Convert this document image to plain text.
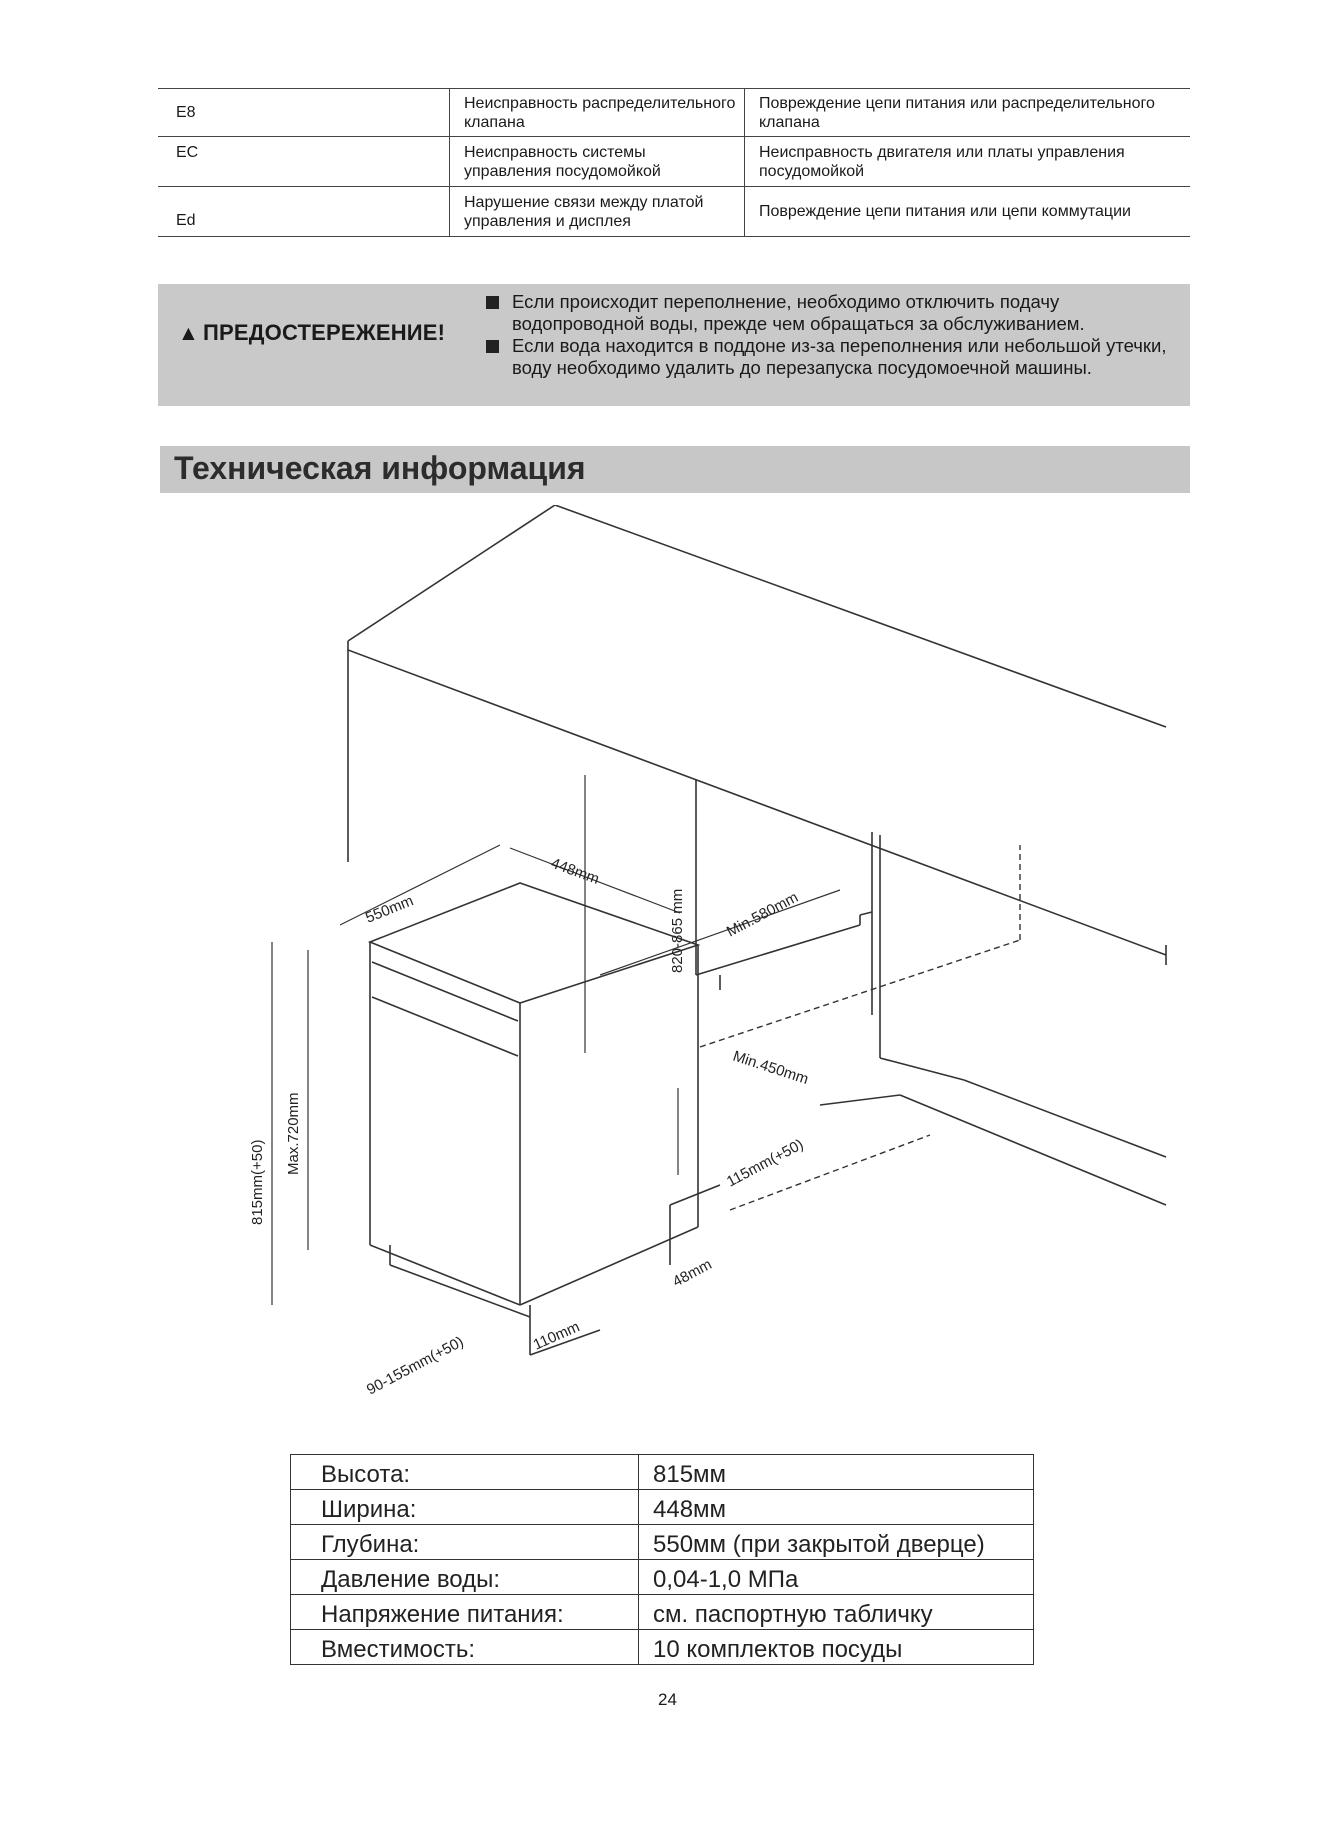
E8	Неисправность распределительного клапана	Повреждение цепи питания или распределительного клапана
EC	Неисправность системы управления посудомойкой	Неисправность двигателя или платы управления посудомойкой
Ed	Нарушение связи между платой управления и дисплея	Повреждение цепи питания или цепи коммутации
▲ ПРЕДОСТЕРЕЖЕНИЕ!
Если происходит переполнение, необходимо отключить подачу водопроводной воды, прежде чем обращаться за обслуживанием.
Если вода находится в поддоне из-за переполнения или небольшой утечки, воду необходимо удалить до перезапуска посудомоечной машины.
Техническая информация
550mm
448mm
820-865 mm	Min.580mm
Min.450mm
815mm(+50)
Max.720mm	115mm(+50)
48mm
90-155mm(+50)	110mm
Высота:	815мм
Ширина:	448мм
Глубина:	550мм (при закрытой дверце)
Давление воды:	0,04-1,0 МПа
Напряжение питания:	см. паспортную табличку
Вместимость:	10 комплектов посуды
24
